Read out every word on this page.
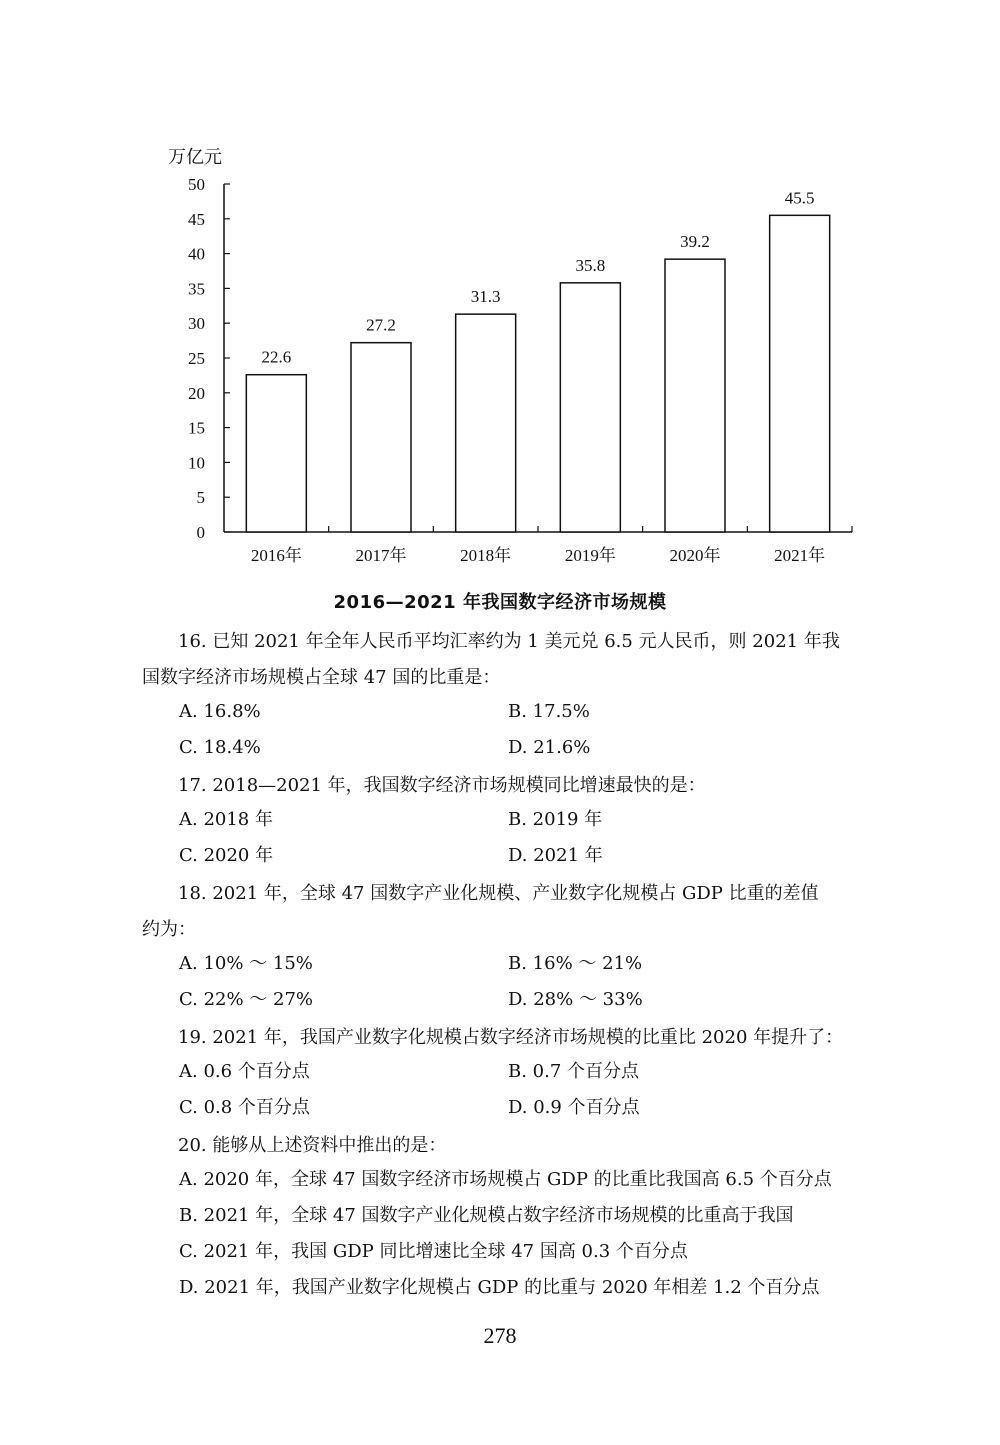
万亿元
0
5
10
15
20
25
30
35
40
45
50
22.6
27.2
31.3
35.8
39.2
45.5
2016年	2017年	2018年	2019年	2020年	2021年
2016—2021 年我国数字经济市场规模

16. 已知 2021 年全年人民币平均汇率约为 1 美元兑 6.5 元人民币，则 2021 年我
国数字经济市场规模占全球 47 国的比重是：

A. 16.8%	B. 17.5%
C. 18.4%	D. 21.6%

17. 2018—2021 年，我国数字经济市场规模同比增速最快的是：

A. 2018 年	B. 2019 年
C. 2020 年	D. 2021 年

18. 2021 年，全球 47 国数字产业化规模、产业数字化规模占 GDP 比重的差值
约为：

A. 10% ～ 15%	B. 16% ～ 21%
C. 22% ～ 27%	D. 28% ～ 33%

19. 2021 年，我国产业数字化规模占数字经济市场规模的比重比 2020 年提升了：

A. 0.6 个百分点	B. 0.7 个百分点
C. 0.8 个百分点	D. 0.9 个百分点

20. 能够从上述资料中推出的是：

A. 2020 年，全球 47 国数字经济市场规模占 GDP 的比重比我国高 6.5 个百分点
B. 2021 年，全球 47 国数字产业化规模占数字经济市场规模的比重高于我国
C. 2021 年，我国 GDP 同比增速比全球 47 国高 0.3 个百分点
D. 2021 年，我国产业数字化规模占 GDP 的比重与 2020 年相差 1.2 个百分点
278
